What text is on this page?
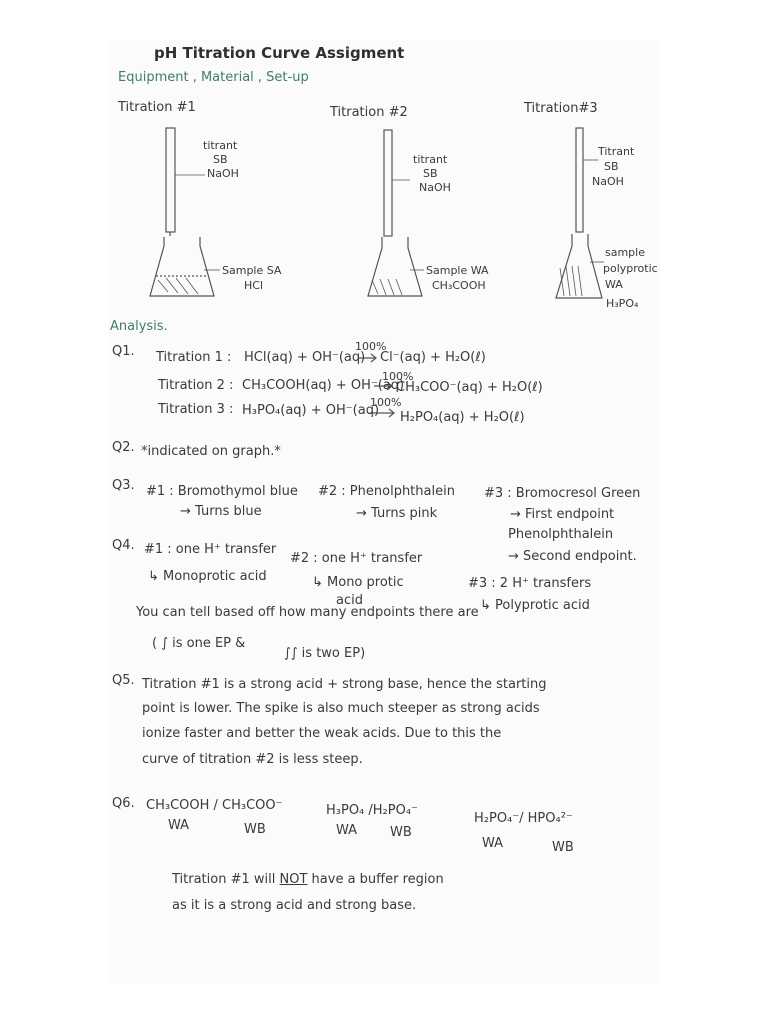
pH Titration Curve Assigment
Equipment , Material , Set-up
Titration #1
titrant
SB
NaOH
Sample SA
HCl
Titration #2
titrant
SB
NaOH
Sample WA
CH₃COOH
Titration#3
Titrant
SB
NaOH
sample
polyprotic
WA
H₃PO₄
Analysis.
Q1. Titration 1 : HCl(aq) + OH⁻(aq)
100%
Cl⁻(aq) + H₂O(ℓ)
Titration 2 : CH₃COOH(aq) + OH⁻(aq)
100%
CH₃COO⁻(aq) + H₂O(ℓ)
Titration 3 : H₃PO₄(aq) + OH⁻(aq)
100%
H₂PO₄(aq) + H₂O(ℓ)
Q2. *indicated on graph.*
Q3. #1 : Bromothymol blue
→ Turns blue
#2 : Phenolphthalein
→ Turns pink
#3 : Bromocresol Green
→ First endpoint
Phenolphthalein
→ Second endpoint.
Q4. #1 : one H⁺ transfer
↳ Monoprotic acid
#2 : one H⁺ transfer
↳ Mono protic
acid
#3 : 2 H⁺ transfers
↳ Polyprotic acid
You can tell based off how many endpoints there are
( ∫ is one EP &
∫∫ is two EP)
Q5. Titration #1 is a strong acid + strong base, hence the starting
point is lower. The spike is also much steeper as strong acids
ionize faster and better the weak acids. Due to this the
curve of titration #2 is less steep.
Q6. CH₃COOH / CH₃COO⁻
WA	WB
H₃PO₄ /H₂PO₄⁻
WA	WB
H₂PO₄⁻/ HPO₄²⁻
WA	WB
Titration #1 will NOT have a buffer region
as it is a strong acid and strong base.
